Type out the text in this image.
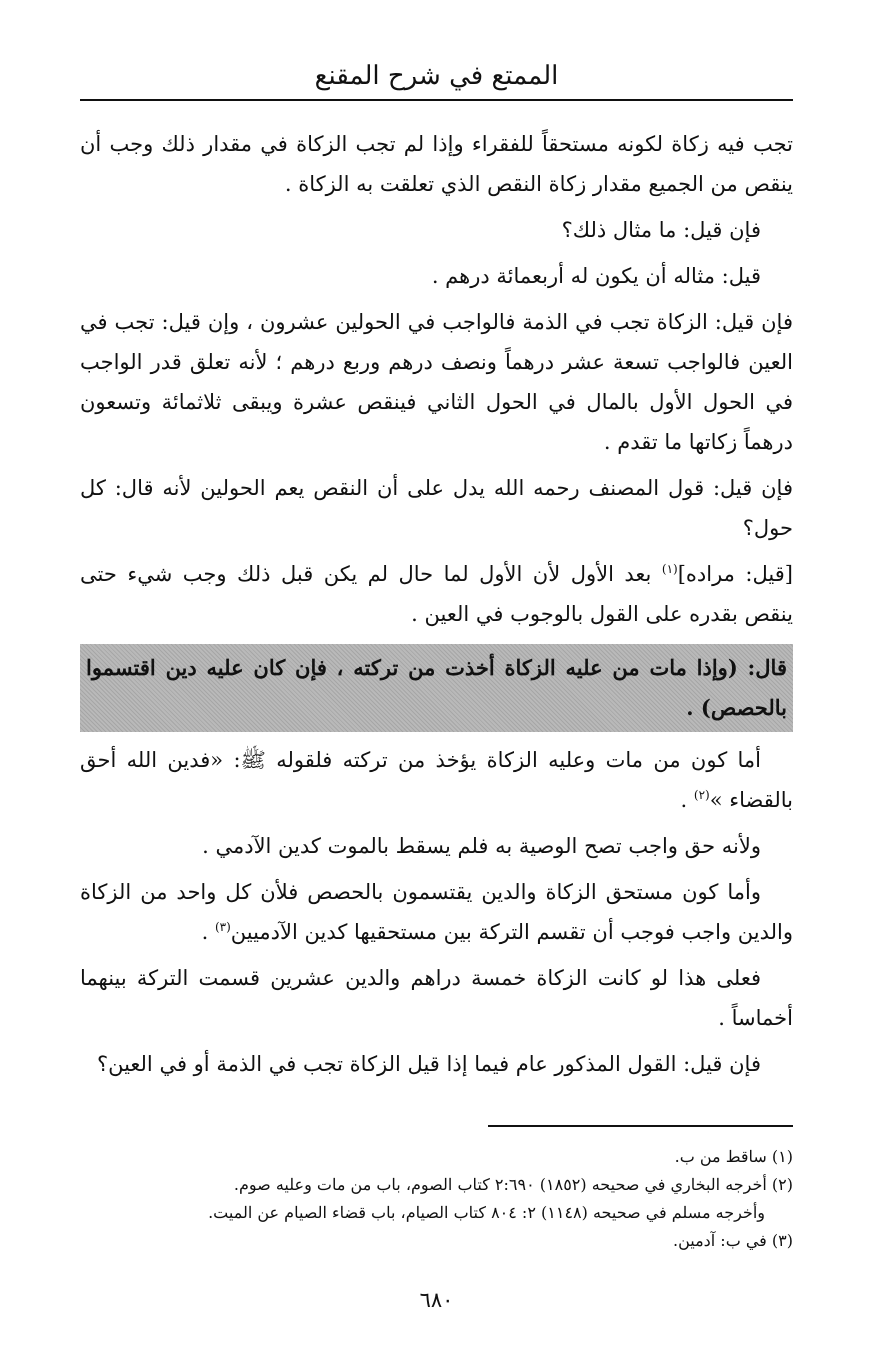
الممتع في شرح المقنع

تجب فيه زكاة لكونه مستحقاً للفقراء وإذا لم تجب الزكاة في مقدار ذلك وجب أن ينقص من الجميع مقدار زكاة النقص الذي تعلقت به الزكاة .

فإن قيل: ما مثال ذلك؟

قيل: مثاله أن يكون له أربعمائة درهم .

فإن قيل: الزكاة تجب في الذمة فالواجب في الحولين عشرون ، وإن قيل: تجب في العين فالواجب تسعة عشر درهماً ونصف درهم وربع درهم ؛ لأنه تعلق قدر الواجب في الحول الأول بالمال في الحول الثاني فينقص عشرة ويبقى ثلاثمائة وتسعون درهماً زكاتها ما تقدم .

فإن قيل: قول المصنف رحمه الله يدل على أن النقص يعم الحولين لأنه قال: كل حول؟

[قيل: مراده]$^{(١)}$ بعد الأول لأن الأول لما حال لم يكن قبل ذلك وجب شيء حتى ينقص بقدره على القول بالوجوب في العين .

قال: (وإذا مات من عليه الزكاة أخذت من تركته ، فإن كان عليه دين اقتسموا بالحصص) .

أما كون من مات وعليه الزكاة يؤخذ من تركته فلقوله ﷺ: «فدين الله أحق بالقضاء »$^{(٢)}$ .

ولأنه حق واجب تصح الوصية به فلم يسقط بالموت كدين الآدمي .

وأما كون مستحق الزكاة والدين يقتسمون بالحصص فلأن كل واحد من الزكاة والدين واجب فوجب أن تقسم التركة بين مستحقيها كدين الآدميين$^{(٣)}$ .

فعلى هذا لو كانت الزكاة خمسة دراهم والدين عشرين قسمت التركة بينهما أخماساً .

فإن قيل: القول المذكور عام فيما إذا قيل الزكاة تجب في الذمة أو في العين؟

(١) ساقط من ب.

(٢) أخرجه البخاري في صحيحه (١٨٥٢) ٢:٦٩٠ كتاب الصوم، باب من مات وعليه صوم.

وأخرجه مسلم في صحيحه (١١٤٨) ٢: ٨٠٤ كتاب الصيام، باب قضاء الصيام عن الميت.

(٣) في ب: آدمين.

٦٨٠
